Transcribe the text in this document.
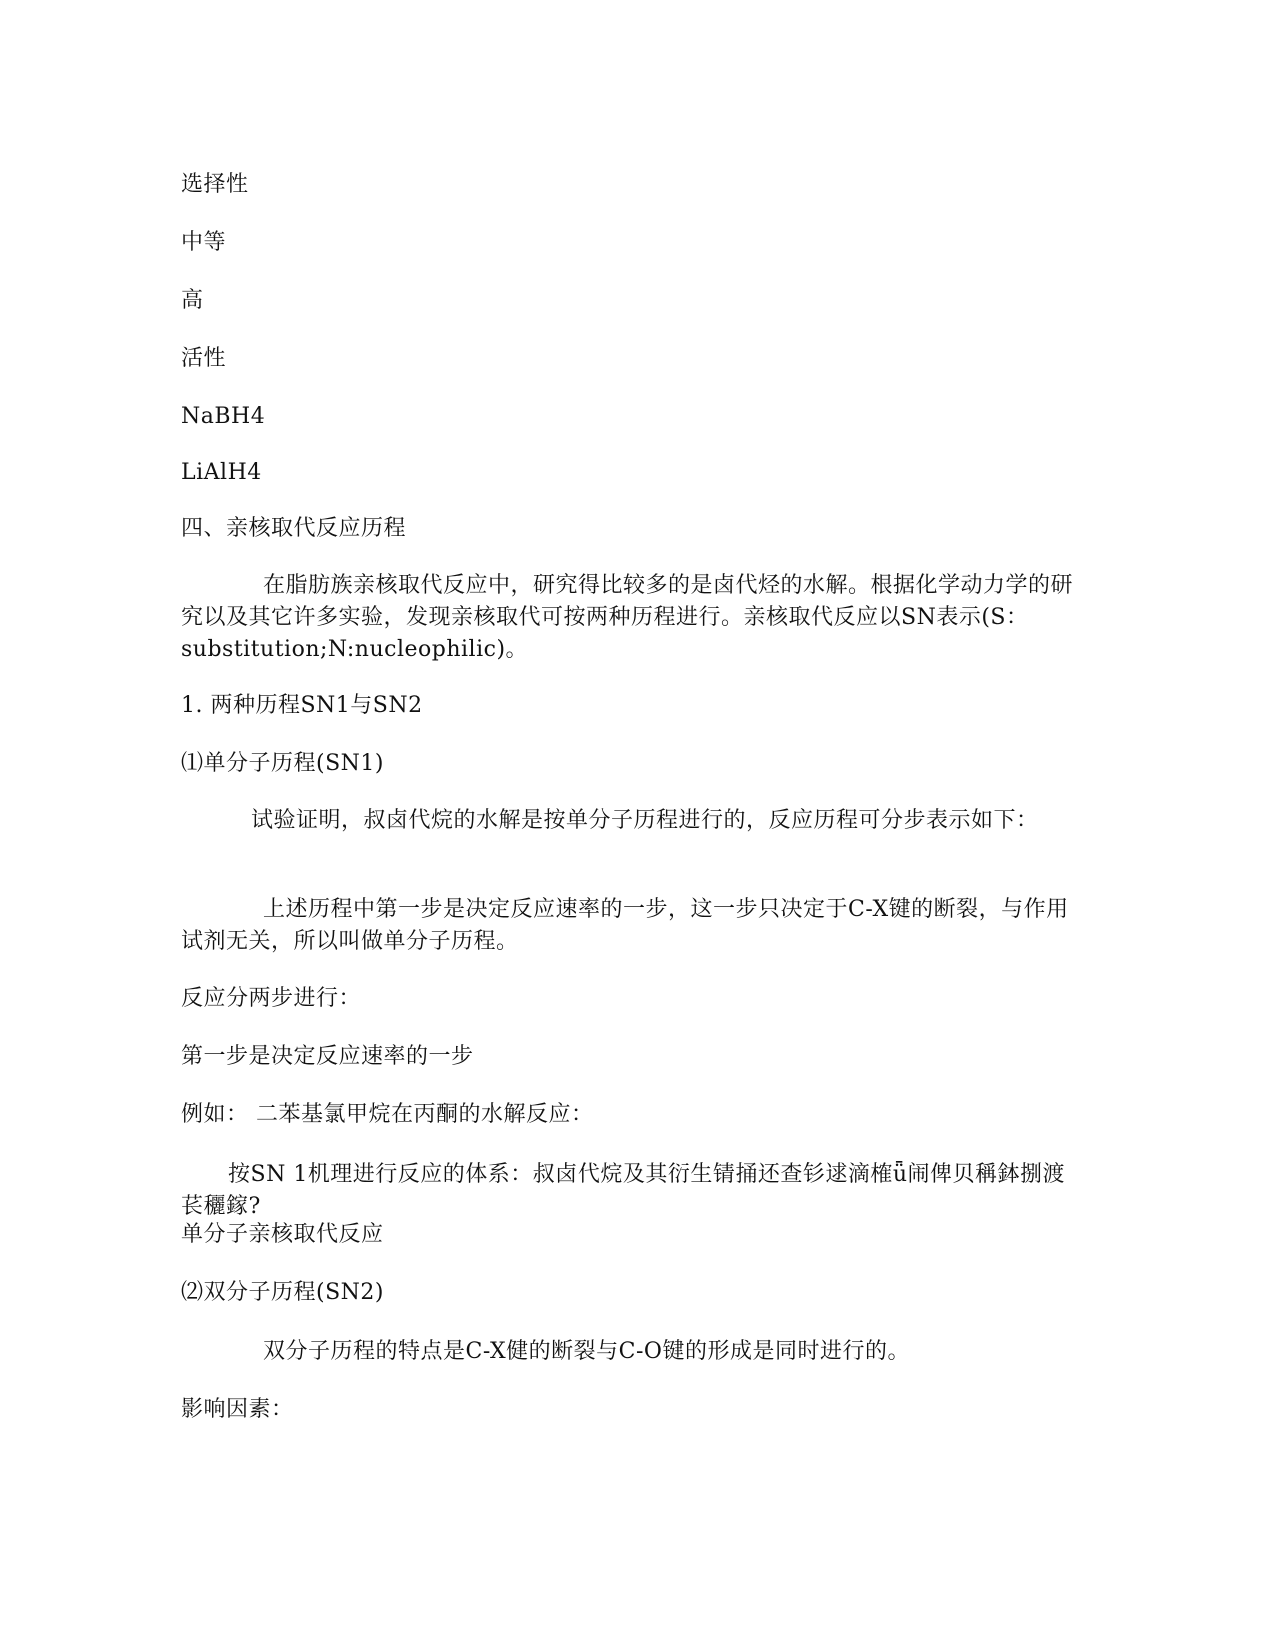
选择性
中等
高
活性
NaBH4
LiAlH4
四、亲核取代反应历程
在脂肪族亲核取代反应中，研究得比较多的是卤代烃的水解。根据化学动力学的研究以及其它许多实验，发现亲核取代可按两种历程进行。亲核取代反应以SN表示(S：substitution;N:nucleophilic)。
1. 两种历程SN1与SN2
⑴单分子历程(SN1)
试验证明，叔卤代烷的水解是按单分子历程进行的，反应历程可分步表示如下：
上述历程中第一步是决定反应速率的一步，这一步只决定于C-X键的断裂，与作用试剂无关，所以叫做单分子历程。
反应分两步进行：
第一步是决定反应速率的一步
例如： 二苯基氯甲烷在丙酮的水解反应：
按SN 1机理进行反应的体系：叔卤代烷及其衍生锖捅还查钐逑滴榷ǖ闹俾贝稱鉢捌渡苌穲鎵?
单分子亲核取代反应
⑵双分子历程(SN2)
双分子历程的特点是C-X健的断裂与C-O键的形成是同时进行的。
影响因素：
